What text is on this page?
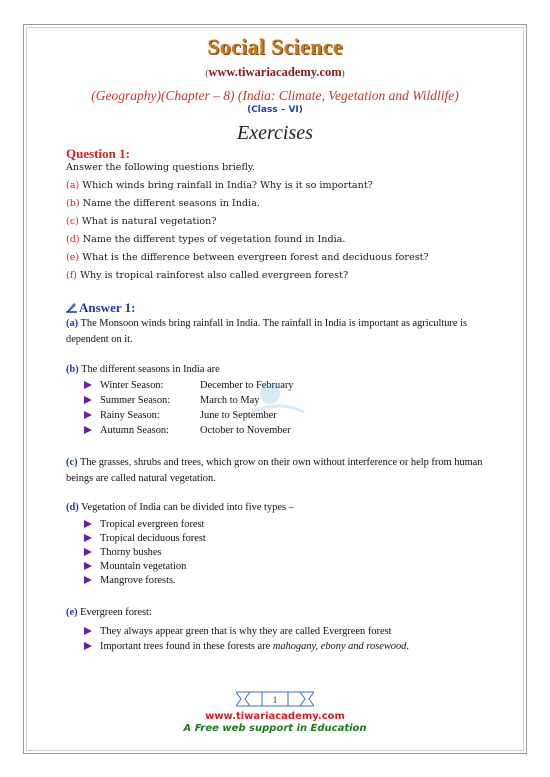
Social Science
(www.tiwariacademy.com)
(Geography)(Chapter – 8) (India: Climate, Vegetation and Wildlife)
(Class – VI)
Exercises
Question 1:
Answer the following questions briefly.
(a) Which winds bring rainfall in India? Why is it so important?
(b) Name the different seasons in India.
(c) What is natural vegetation?
(d) Name the different types of vegetation found in India.
(e) What is the difference between evergreen forest and deciduous forest?
(f) Why is tropical rainforest also called evergreen forest?
Answer 1:
(a) The Monsoon winds bring rainfall in India. The rainfall in India is important as agriculture is dependent on it.
(b) The different seasons in India are
Winter Season:	December to February
Summer Season:	March to May
Rainy Season:	June to September
Autumn Season:	October to November
(c) The grasses, shrubs and trees, which grow on their own without interference or help from human beings are called natural vegetation.
(d) Vegetation of India can be divided into five types –
Tropical evergreen forest
Tropical deciduous forest
Thorny bushes
Mountain vegetation
Mangrove forests.
(e) Evergreen forest:
They always appear green that is why they are called Evergreen forest
Important trees found in these forests are mahogany, ebony and rosewood.
1
www.tiwariacademy.com
A Free web support in Education
